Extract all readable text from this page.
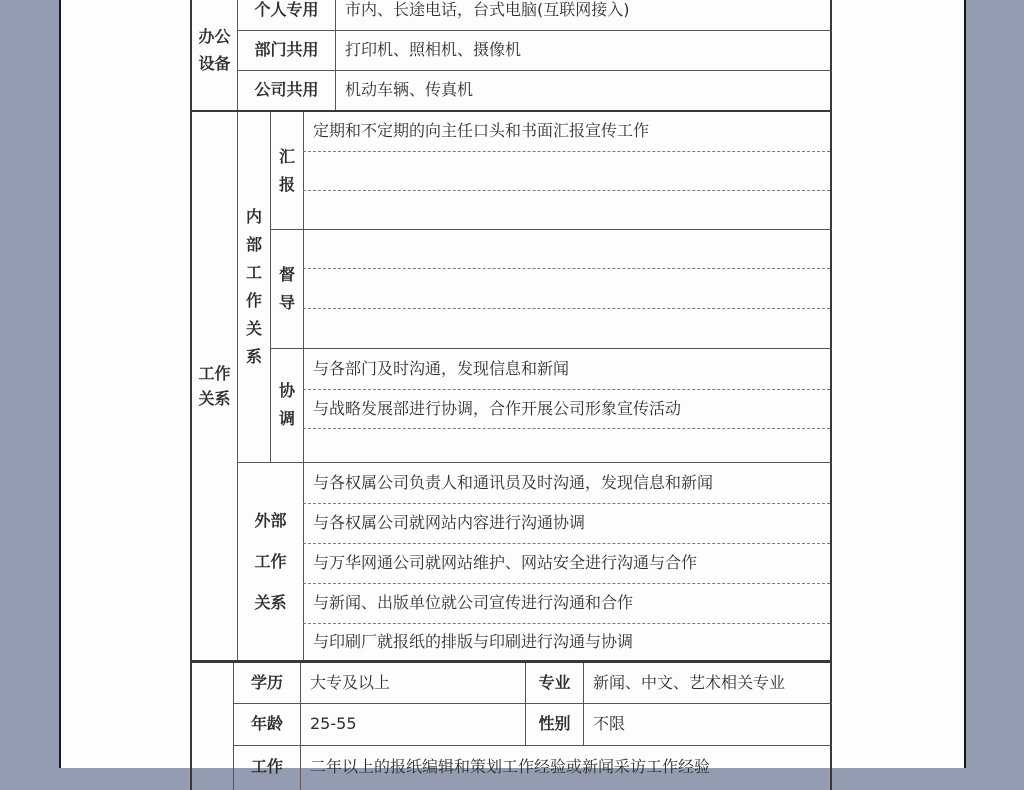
办公设备
个人专用 市内、长途电话，台式电脑(互联网接入)
部门共用 打印机、照相机、摄像机
公司共用 机动车辆、传真机
工作关系
内部工作关系
汇报
定期和不定期的向主任口头和书面汇报宣传工作
督导
协调
与各部门及时沟通，发现信息和新闻
与战略发展部进行协调，合作开展公司形象宣传活动
外部工作关系
与各权属公司负责人和通讯员及时沟通，发现信息和新闻
与各权属公司就网站内容进行沟通协调
与万华网通公司就网站维护、网站安全进行沟通与合作
与新闻、出版单位就公司宣传进行沟通和合作
与印刷厂就报纸的排版与印刷进行沟通与协调
学历 大专及以上	专业 新闻、中文、艺术相关专业
年龄 25-55	性别 不限
工作 二年以上的报纸编辑和策划工作经验或新闻采访工作经验
